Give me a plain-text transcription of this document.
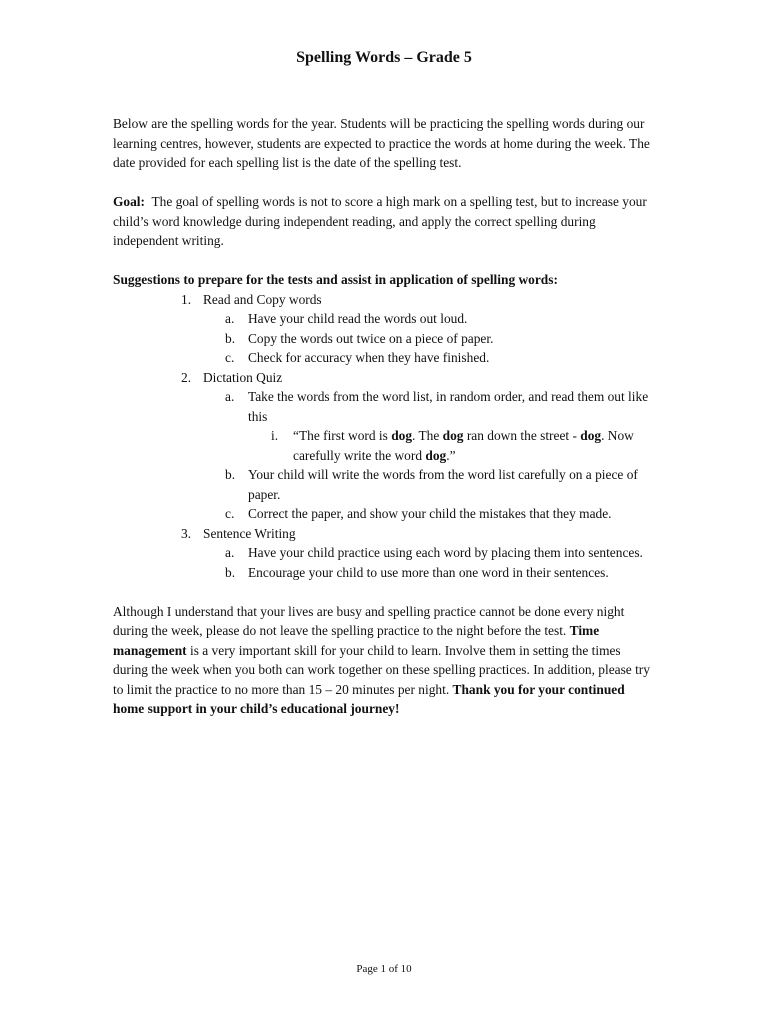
Spelling Words – Grade 5

Below are the spelling words for the year. Students will be practicing the spelling words during our learning centres, however, students are expected to practice the words at home during the week. The date provided for each spelling list is the date of the spelling test.

Goal: The goal of spelling words is not to score a high mark on a spelling test, but to increase your child’s word knowledge during independent reading, and apply the correct spelling during independent writing.

Suggestions to prepare for the tests and assist in application of spelling words:

1. Read and Copy words

a. Have your child read the words out loud.

b. Copy the words out twice on a piece of paper.

c. Check for accuracy when they have finished.

2. Dictation Quiz

a. Take the words from the word list, in random order, and read them out like this

i. “The first word is dog. The dog ran down the street - dog. Now carefully write the word dog.”

b. Your child will write the words from the word list carefully on a piece of paper.

c. Correct the paper, and show your child the mistakes that they made.

3. Sentence Writing

a. Have your child practice using each word by placing them into sentences.

b. Encourage your child to use more than one word in their sentences.

Although I understand that your lives are busy and spelling practice cannot be done every night during the week, please do not leave the spelling practice to the night before the test. Time management is a very important skill for your child to learn. Involve them in setting the times during the week when you both can work together on these spelling practices. In addition, please try to limit the practice to no more than 15 – 20 minutes per night. Thank you for your continued home support in your child’s educational journey!

Page 1 of 10
